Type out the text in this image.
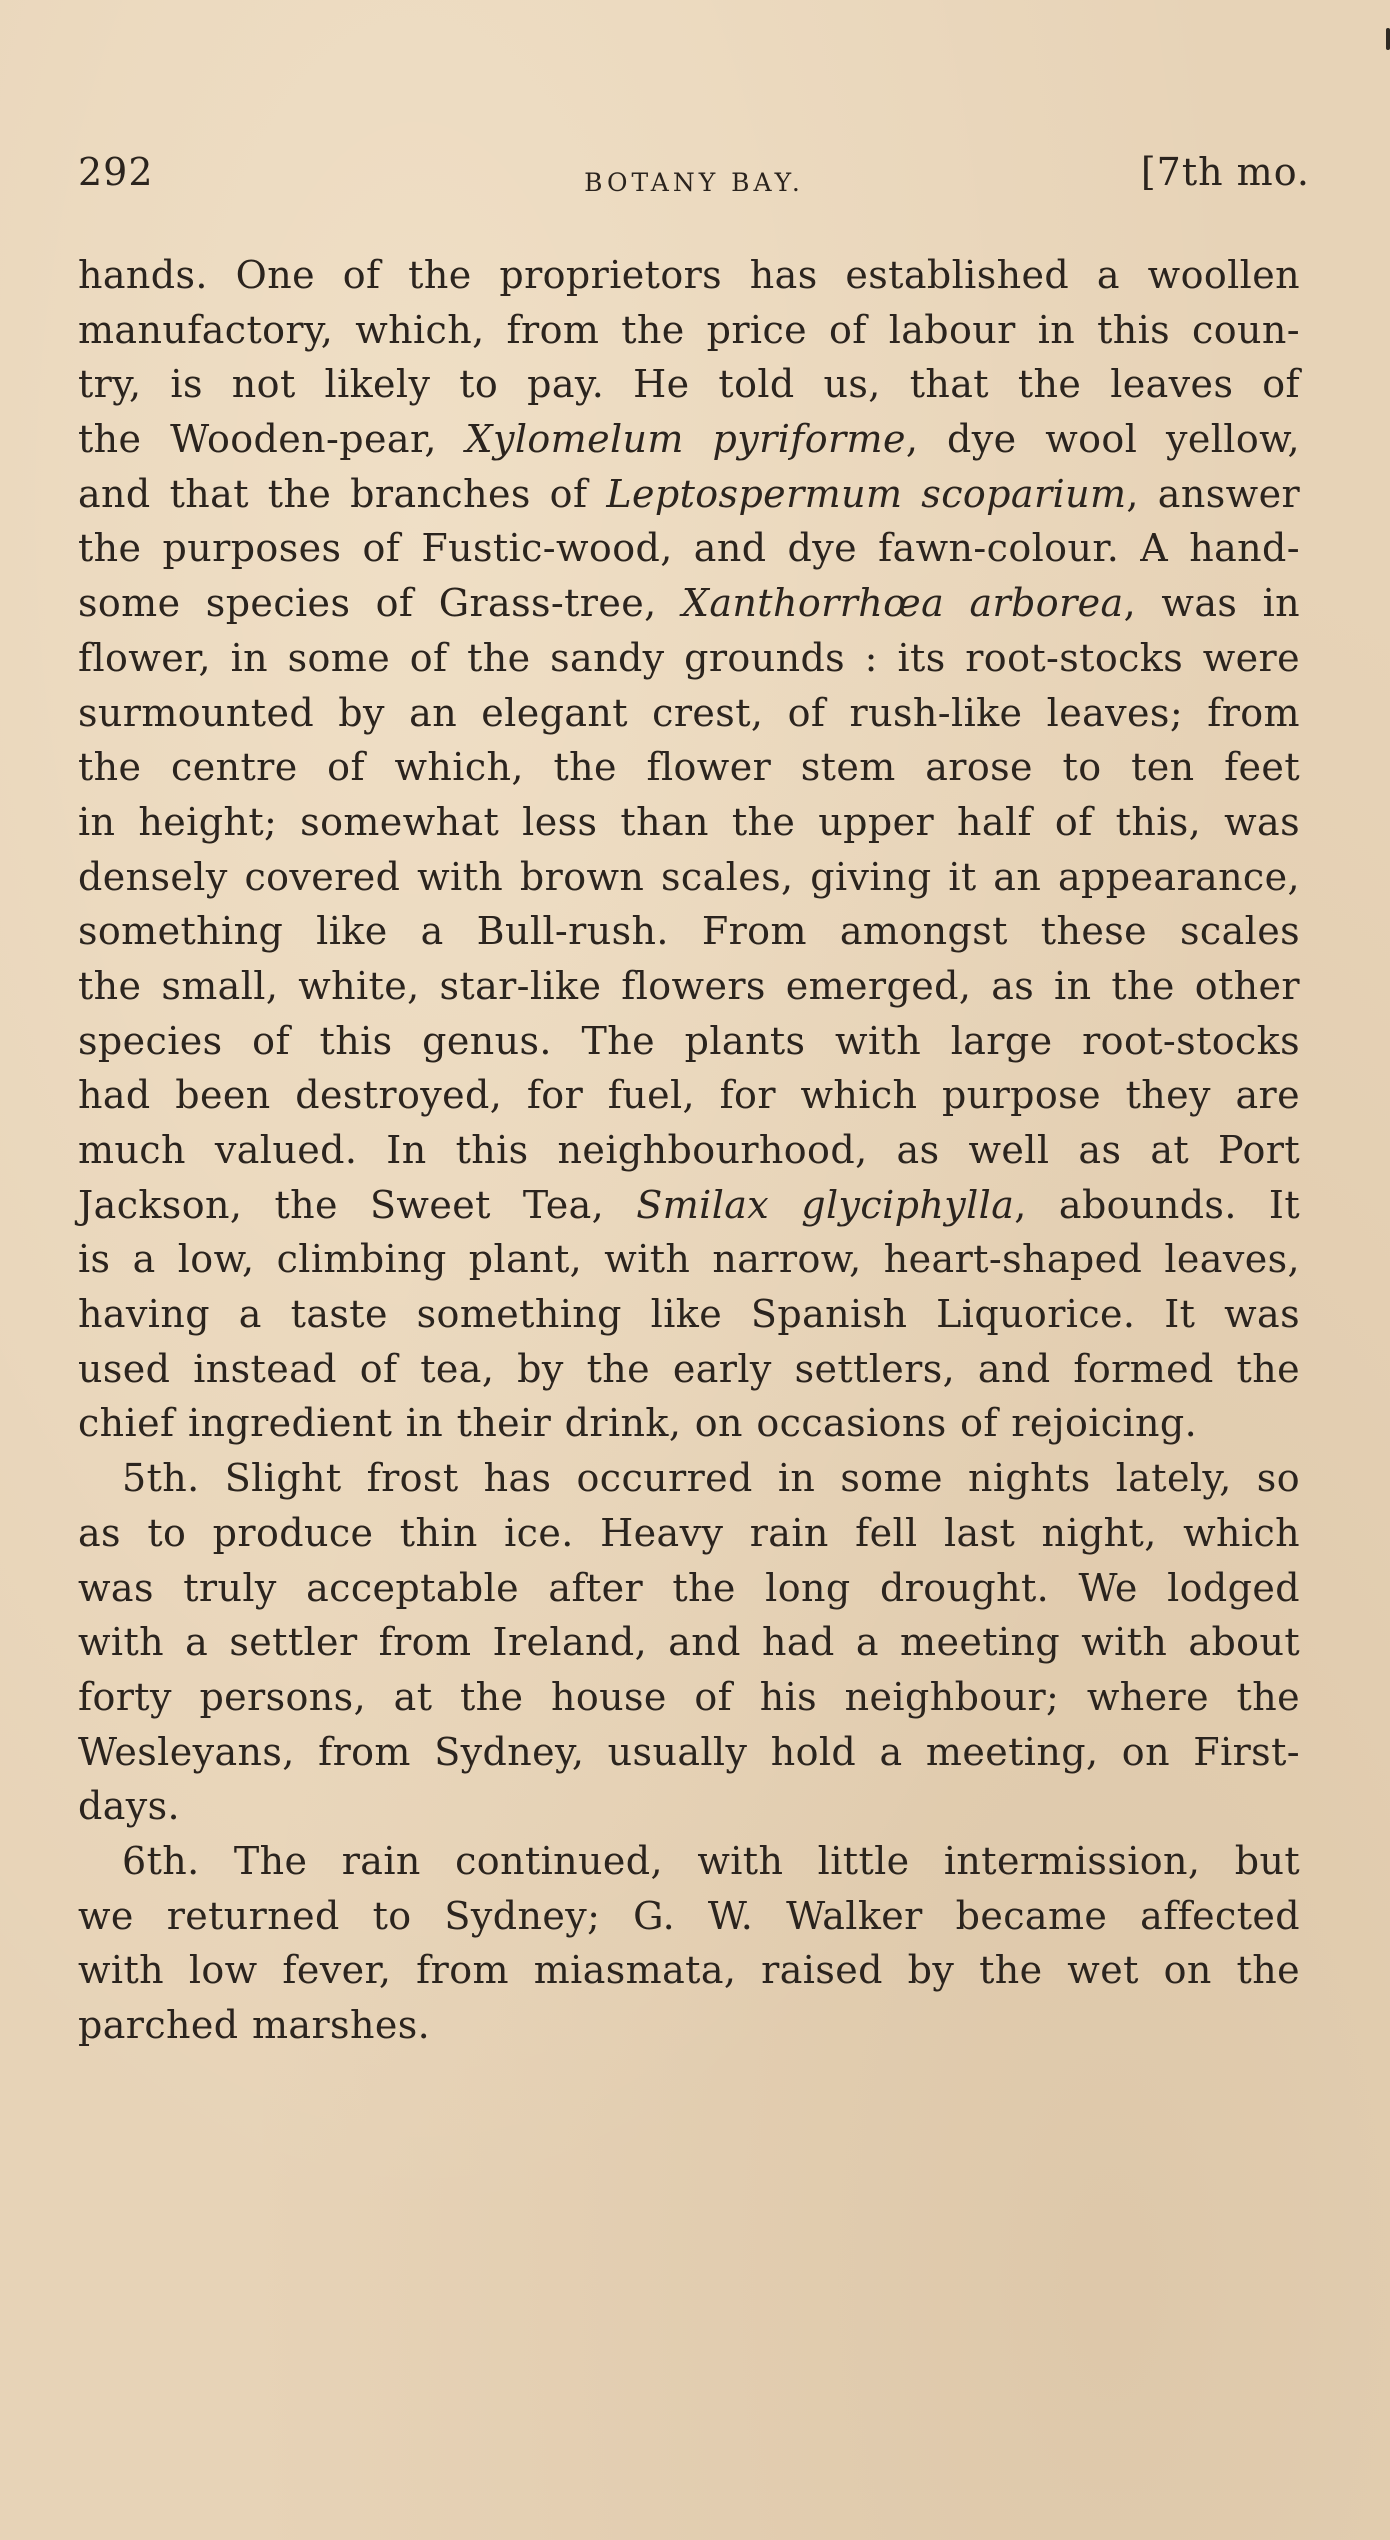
292	BOTANY BAY.	[7th mo.
hands. One of the proprietors has established a woollen
manufactory, which, from the price of labour in this coun-
try, is not likely to pay. He told us, that the leaves of
the Wooden-pear, Xylomelum pyriforme, dye wool yellow,
and that the branches of Leptospermum scoparium, answer
the purposes of Fustic-wood, and dye fawn-colour. A hand-
some species of Grass-tree, Xanthorrhœa arborea, was in
flower, in some of the sandy grounds : its root-stocks were
surmounted by an elegant crest, of rush-like leaves; from
the centre of which, the flower stem arose to ten feet
in height; somewhat less than the upper half of this, was
densely covered with brown scales, giving it an appearance,
something like a Bull-rush. From amongst these scales
the small, white, star-like flowers emerged, as in the other
species of this genus. The plants with large root-stocks
had been destroyed, for fuel, for which purpose they are
much valued. In this neighbourhood, as well as at Port
Jackson, the Sweet Tea, Smilax glyciphylla, abounds. It
is a low, climbing plant, with narrow, heart-shaped leaves,
having a taste something like Spanish Liquorice. It was
used instead of tea, by the early settlers, and formed the
chief ingredient in their drink, on occasions of rejoicing.
5th. Slight frost has occurred in some nights lately, so
as to produce thin ice. Heavy rain fell last night, which
was truly acceptable after the long drought. We lodged
with a settler from Ireland, and had a meeting with about
forty persons, at the house of his neighbour; where the
Wesleyans, from Sydney, usually hold a meeting, on First-
days.
6th. The rain continued, with little intermission, but
we returned to Sydney; G. W. Walker became affected
with low fever, from miasmata, raised by the wet on the
parched marshes.
